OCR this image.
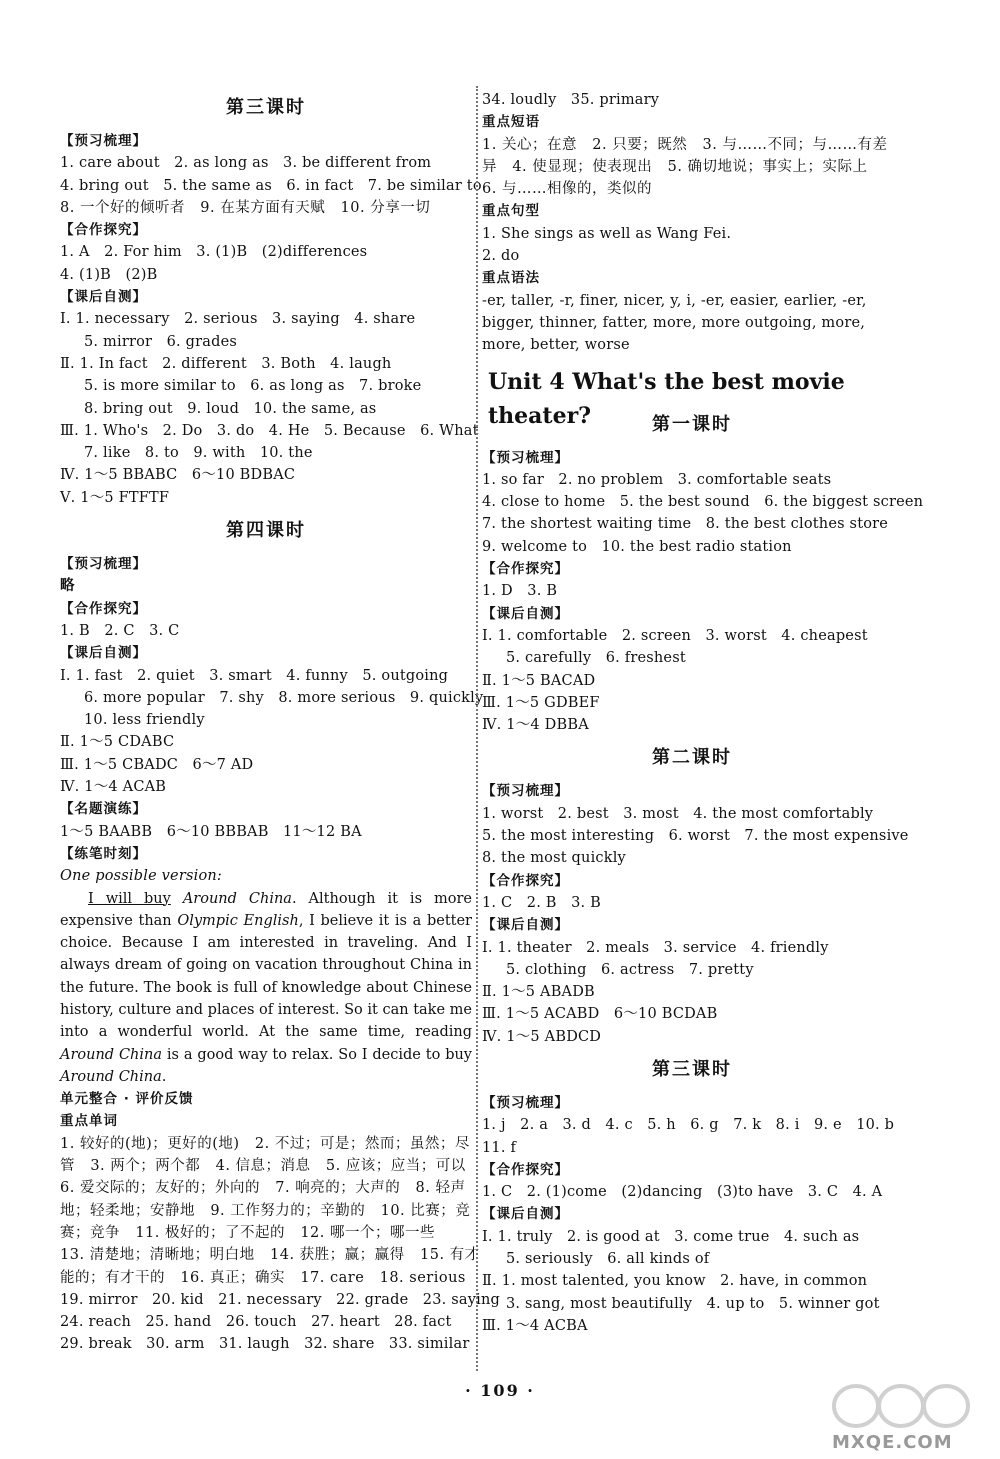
第三课时
【预习梳理】
1. care about   2. as long as   3. be different from
4. bring out   5. the same as   6. in fact   7. be similar to
8. 一个好的倾听者   9. 在某方面有天赋   10. 分享一切
【合作探究】
1. A   2. For him   3. (1)B   (2)differences
4. (1)B   (2)B
【课后自测】
Ⅰ. 1. necessary   2. serious   3. saying   4. share
5. mirror   6. grades
Ⅱ. 1. In fact   2. different   3. Both   4. laugh
5. is more similar to   6. as long as   7. broke
8. bring out   9. loud   10. the same, as
Ⅲ. 1. Who's   2. Do   3. do   4. He   5. Because   6. What
7. like   8. to   9. with   10. the
Ⅳ. 1～5 BBABC   6～10 BDBAC
Ⅴ. 1～5 FTFTF
第四课时
【预习梳理】
略
【合作探究】
1. B   2. C   3. C
【课后自测】
Ⅰ. 1. fast   2. quiet   3. smart   4. funny   5. outgoing
6. more popular   7. shy   8. more serious   9. quickly
10. less friendly
Ⅱ. 1～5 CDABC
Ⅲ. 1～5 CBADC   6～7 AD
Ⅳ. 1～4 ACAB
【名题演练】
1～5 BAABB   6～10 BBBAB   11～12 BA
【练笔时刻】
One possible version:
I will buy Around China. Although it is more expensive than Olympic English, I believe it is a better choice. Because I am interested in traveling. And I always dream of going on vacation throughout China in the future. The book is full of knowledge about Chinese history, culture and places of interest. So it can take me into a wonderful world. At the same time, reading Around China is a good way to relax. So I decide to buy Around China.
单元整合 · 评价反馈
重点单词
1. 较好的(地)；更好的(地)   2. 不过；可是；然而；虽然；尽
管   3. 两个；两个都   4. 信息；消息   5. 应该；应当；可以
6. 爱交际的；友好的；外向的   7. 响亮的；大声的   8. 轻声
地；轻柔地；安静地   9. 工作努力的；辛勤的   10. 比赛；竞
赛；竞争   11. 极好的；了不起的   12. 哪一个；哪一些
13. 清楚地；清晰地；明白地   14. 获胜；赢；赢得   15. 有才
能的；有才干的   16. 真正；确实   17. care   18. serious
19. mirror   20. kid   21. necessary   22. grade   23. saying
24. reach   25. hand   26. touch   27. heart   28. fact
29. break   30. arm   31. laugh   32. share   33. similar
34. loudly   35. primary
重点短语
1. 关心；在意   2. 只要；既然   3. 与……不同；与……有差
异   4. 使显现；使表现出   5. 确切地说；事实上；实际上
6. 与……相像的，类似的
重点句型
1. She sings as well as Wang Fei.
2. do
重点语法
-er, taller, -r, finer, nicer, y, i, -er, easier, earlier, -er,
bigger, thinner, fatter, more, more outgoing, more,
more, better, worse
Unit 4 What's the best movie theater?	第一课时
【预习梳理】
1. so far   2. no problem   3. comfortable seats
4. close to home   5. the best sound   6. the biggest screen
7. the shortest waiting time   8. the best clothes store
9. welcome to   10. the best radio station
【合作探究】
1. D   3. B
【课后自测】
Ⅰ. 1. comfortable   2. screen   3. worst   4. cheapest
5. carefully   6. freshest
Ⅱ. 1～5 BACAD
Ⅲ. 1～5 GDBEF
Ⅳ. 1～4 DBBA
第二课时
【预习梳理】
1. worst   2. best   3. most   4. the most comfortably
5. the most interesting   6. worst   7. the most expensive
8. the most quickly
【合作探究】
1. C   2. B   3. B
【课后自测】
Ⅰ. 1. theater   2. meals   3. service   4. friendly
5. clothing   6. actress   7. pretty
Ⅱ. 1～5 ABADB
Ⅲ. 1～5 ACABD   6～10 BCDAB
Ⅳ. 1～5 ABDCD
第三课时
【预习梳理】
1. j   2. a   3. d   4. c   5. h   6. g   7. k   8. i   9. e   10. b
11. f
【合作探究】
1. C   2. (1)come   (2)dancing   (3)to have   3. C   4. A
【课后自测】
Ⅰ. 1. truly   2. is good at   3. come true   4. such as
5. seriously   6. all kinds of
Ⅱ. 1. most talented, you know   2. have, in common
3. sang, most beautifully   4. up to   5. winner got
Ⅲ. 1～4 ACBA
· 109 ·
MXQE.COM
